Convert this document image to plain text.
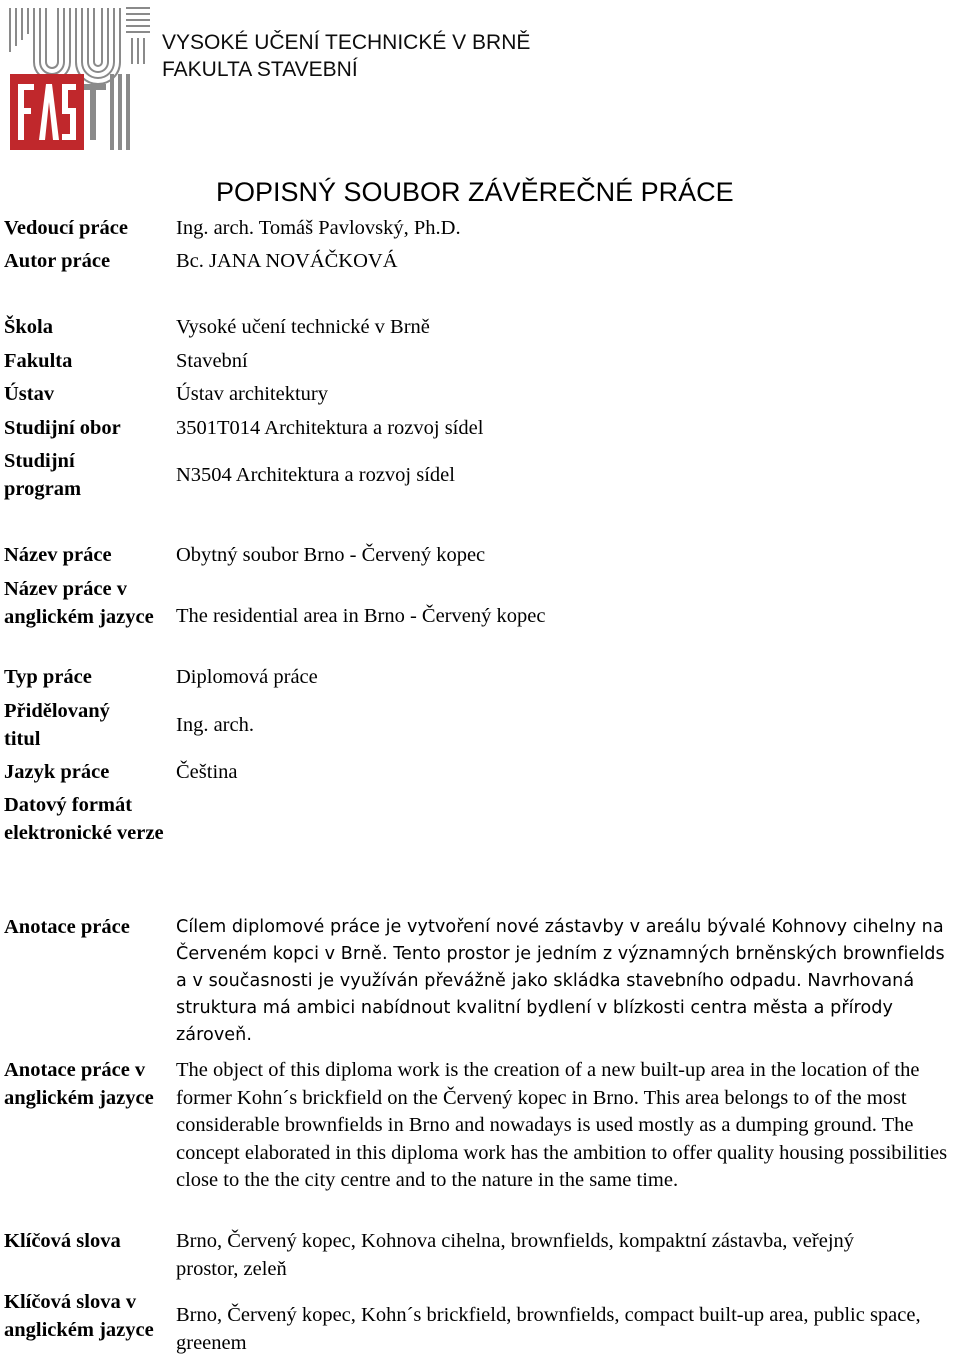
VYSOKÉ UČENÍ TECHNICKÉ V BRNĚ
FAKULTA STAVEBNÍ
POPISNÝ SOUBOR ZÁVĚREČNÉ PRÁCE
Vedoucí práce
Autor práce
Škola
Fakulta
Ústav
Studijní obor
Studijní program
Název práce
Název práce v anglickém jazyce
Typ práce
Přidělovaný titul
Jazyk práce
Datový formát elektronické verze
Anotace práce
Anotace práce v anglickém jazyce
Klíčová slova
Klíčová slova v anglickém jazyce
Ing. arch. Tomáš Pavlovský, Ph.D.
Bc. JANA NOVÁČKOVÁ
Vysoké učení technické v Brně
Stavební
Ústav architektury
3501T014 Architektura a rozvoj sídel
N3504 Architektura a rozvoj sídel
Obytný soubor Brno - Červený kopec
The residential area in Brno - Červený kopec
Diplomová práce
Ing. arch.
Čeština
Cílem diplomové práce je vytvoření nové zástavby v areálu bývalé Kohnovy cihelny na Červeném kopci v Brně. Tento prostor je jedním z významných brněnských brownfields a v současnosti je využíván převážně jako skládka stavebního odpadu. Navrhovaná struktura má ambici nabídnout kvalitní bydlení v blízkosti centra města a přírody zároveň.
The object of this diploma work is the creation of a new built-up area in the location of the former Kohn´s brickfield on the Červený kopec in Brno. This area belongs to of the most considerable brownfields in Brno and nowadays is used mostly as a dumping ground. The concept elaborated in this diploma work has the ambition to offer quality housing possibilities close to the the city centre and to the nature in the same time.
Brno, Červený kopec, Kohnova cihelna, brownfields, kompaktní zástavba, veřejný prostor, zeleň
Brno, Červený kopec, Kohn´s brickfield, brownfields, compact built-up area, public space, greenem
